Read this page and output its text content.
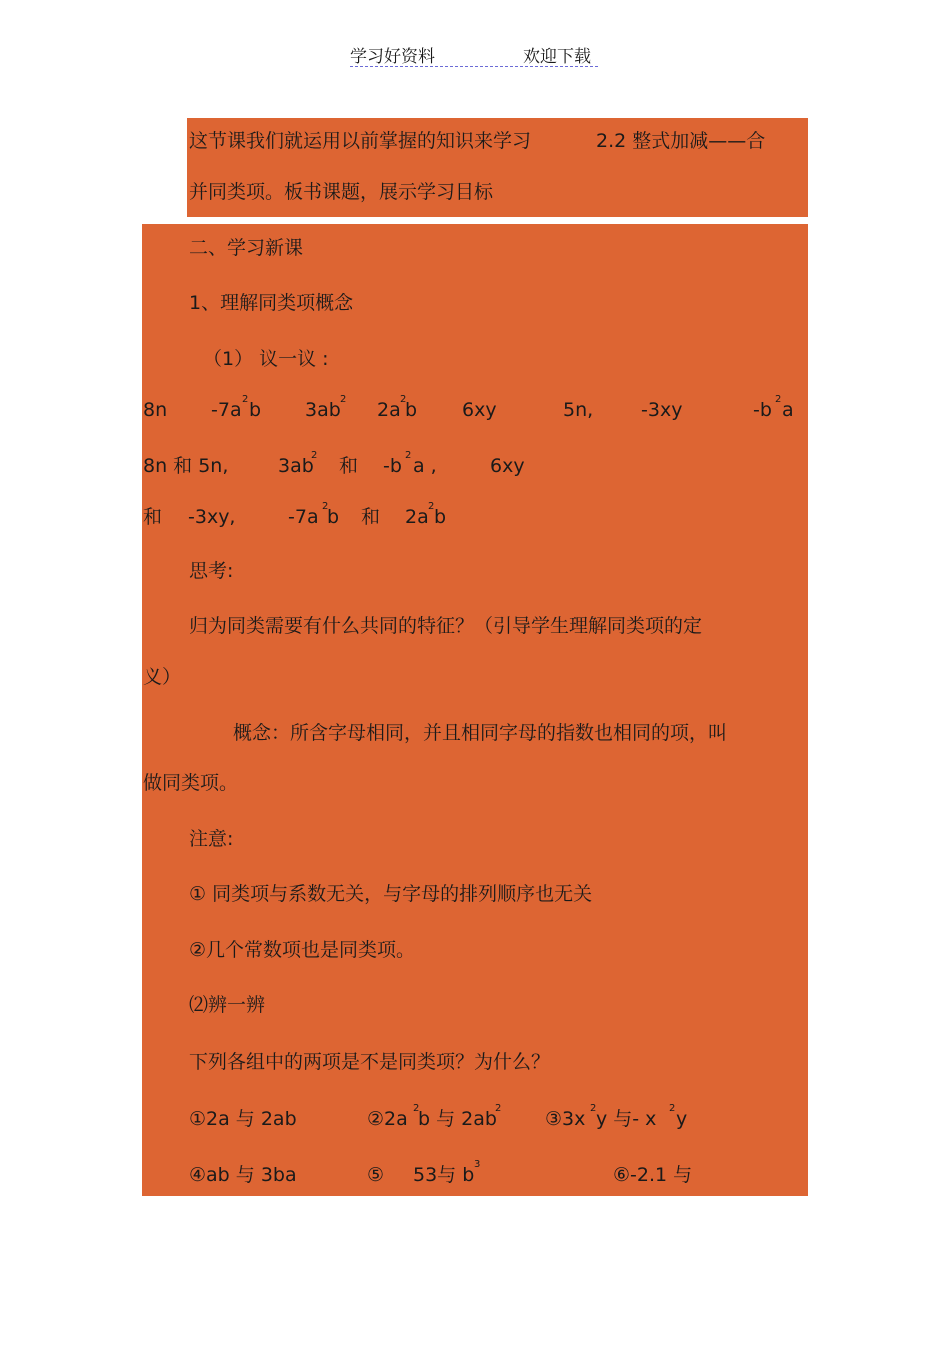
学习好资料	欢迎下载
这节课我们就运用以前掌握的知识来学习	2.2 整式加减——合
并同类项。板书课题，展示学习目标
二、学习新课
1、理解同类项概念
（1） 议一议 :
8n -7a 2 b 3ab 2 2a 2
b 6xy	5n,	-3xy	-b 2 a
8n 和 5n,	3ab
2 和 -b 2 a ,	6xy
和 -3xy,	-7a 2
b 和 2a 2 b
思考:
归为同类需要有什么共同的特征？（引导学生理解同类项的定
义）
概念：所含字母相同，并且相同字母的指数也相同的项，叫
做同类项。
注意:
① 同类项与系数无关，与字母的排列顺序也无关
②几个常数项也是同类项。
⑵辨一辨
下列各组中的两项是不是同类项？为什么？
①2a 与 2ab	②2a 2
b 与 2ab
2 ③3x 2 y 与- x 2 y
④ab 与 3ba	⑤ 53与 b 3	⑥-2.1 与
